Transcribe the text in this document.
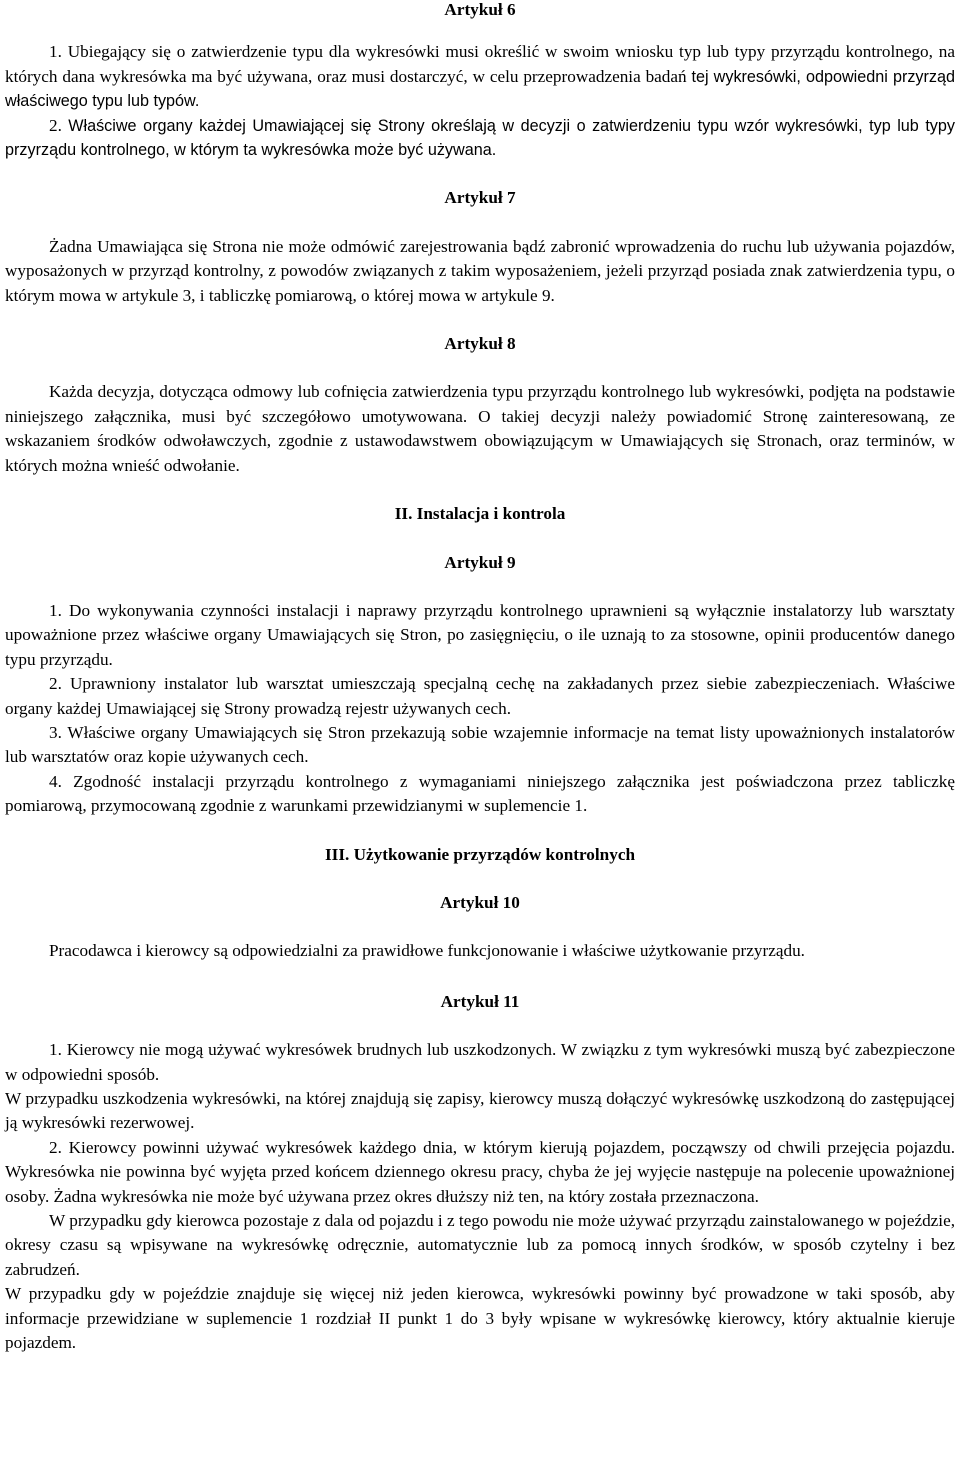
Artykuł 6

1. Ubiegający się o zatwierdzenie typu dla wykresówki musi określić w swoim wniosku typ lub typy przyrządu kontrolnego, na których dana wykresówka ma być używana, oraz musi dostarczyć, w celu przeprowadzenia badań tej wykresówki, odpowiedni przyrząd właściwego typu lub typów.

2. Właściwe organy każdej Umawiającej się Strony określają w decyzji o zatwierdzeniu typu wzór wykresówki, typ lub typy przyrządu kontrolnego, w którym ta wykresówka może być używana.

Artykuł 7

Żadna Umawiająca się Strona nie może odmówić zarejestrowania bądź zabronić wprowadzenia do ruchu lub używania pojazdów, wyposażonych w przyrząd kontrolny, z powodów związanych z takim wyposażeniem, jeżeli przyrząd posiada znak zatwierdzenia typu, o którym mowa w artykule 3, i tabliczkę pomiarową, o której mowa w artykule 9.

Artykuł 8

Każda decyzja, dotycząca odmowy lub cofnięcia zatwierdzenia typu przyrządu kontrolnego lub wykresówki, podjęta na podstawie niniejszego załącznika, musi być szczegółowo umotywowana. O takiej decyzji należy powiadomić Stronę zainteresowaną, ze wskazaniem środków odwoławczych, zgodnie z ustawodawstwem obowiązującym w Umawiających się Stronach, oraz terminów, w których można wnieść odwołanie.

II. Instalacja i kontrola

Artykuł 9

1. Do wykonywania czynności instalacji i naprawy przyrządu kontrolnego uprawnieni są wyłącznie instalatorzy lub warsztaty upoważnione przez właściwe organy Umawiających się Stron, po zasięgnięciu, o ile uznają to za stosowne, opinii producentów danego typu przyrządu.

2. Uprawniony instalator lub warsztat umieszczają specjalną cechę na zakładanych przez siebie zabezpieczeniach. Właściwe organy każdej Umawiającej się Strony prowadzą rejestr używanych cech.

3. Właściwe organy Umawiających się Stron przekazują sobie wzajemnie informacje na temat listy upoważnionych instalatorów lub warsztatów oraz kopie używanych cech.

4. Zgodność instalacji przyrządu kontrolnego z wymaganiami niniejszego załącznika jest poświadczona przez tabliczkę pomiarową, przymocowaną zgodnie z warunkami przewidzianymi w suplemencie 1.

III. Użytkowanie przyrządów kontrolnych

Artykuł 10

Pracodawca i kierowcy są odpowiedzialni za prawidłowe funkcjonowanie i właściwe użytkowanie przyrządu.

Artykuł 11

1. Kierowcy nie mogą używać wykresówek brudnych lub uszkodzonych. W związku z tym wykresówki muszą być zabezpieczone w odpowiedni sposób.

W przypadku uszkodzenia wykresówki, na której znajdują się zapisy, kierowcy muszą dołączyć wykresówkę uszkodzoną do zastępującej ją wykresówki rezerwowej.

2. Kierowcy powinni używać wykresówek każdego dnia, w którym kierują pojazdem, począwszy od chwili przejęcia pojazdu. Wykresówka nie powinna być wyjęta przed końcem dziennego okresu pracy, chyba że jej wyjęcie następuje na polecenie upoważnionej osoby. Żadna wykresówka nie może być używana przez okres dłuższy niż ten, na który została przeznaczona.

W przypadku gdy kierowca pozostaje z dala od pojazdu i z tego powodu nie może używać przyrządu zainstalowanego w pojeździe, okresy czasu są wpisywane na wykresówkę odręcznie, automatycznie lub za pomocą innych środków, w sposób czytelny i bez zabrudzeń.

W przypadku gdy w pojeździe znajduje się więcej niż jeden kierowca, wykresówki powinny być prowadzone w taki sposób, aby informacje przewidziane w suplemencie 1 rozdział II punkt 1 do 3 były wpisane w wykresówkę kierowcy, który aktualnie kieruje pojazdem.
